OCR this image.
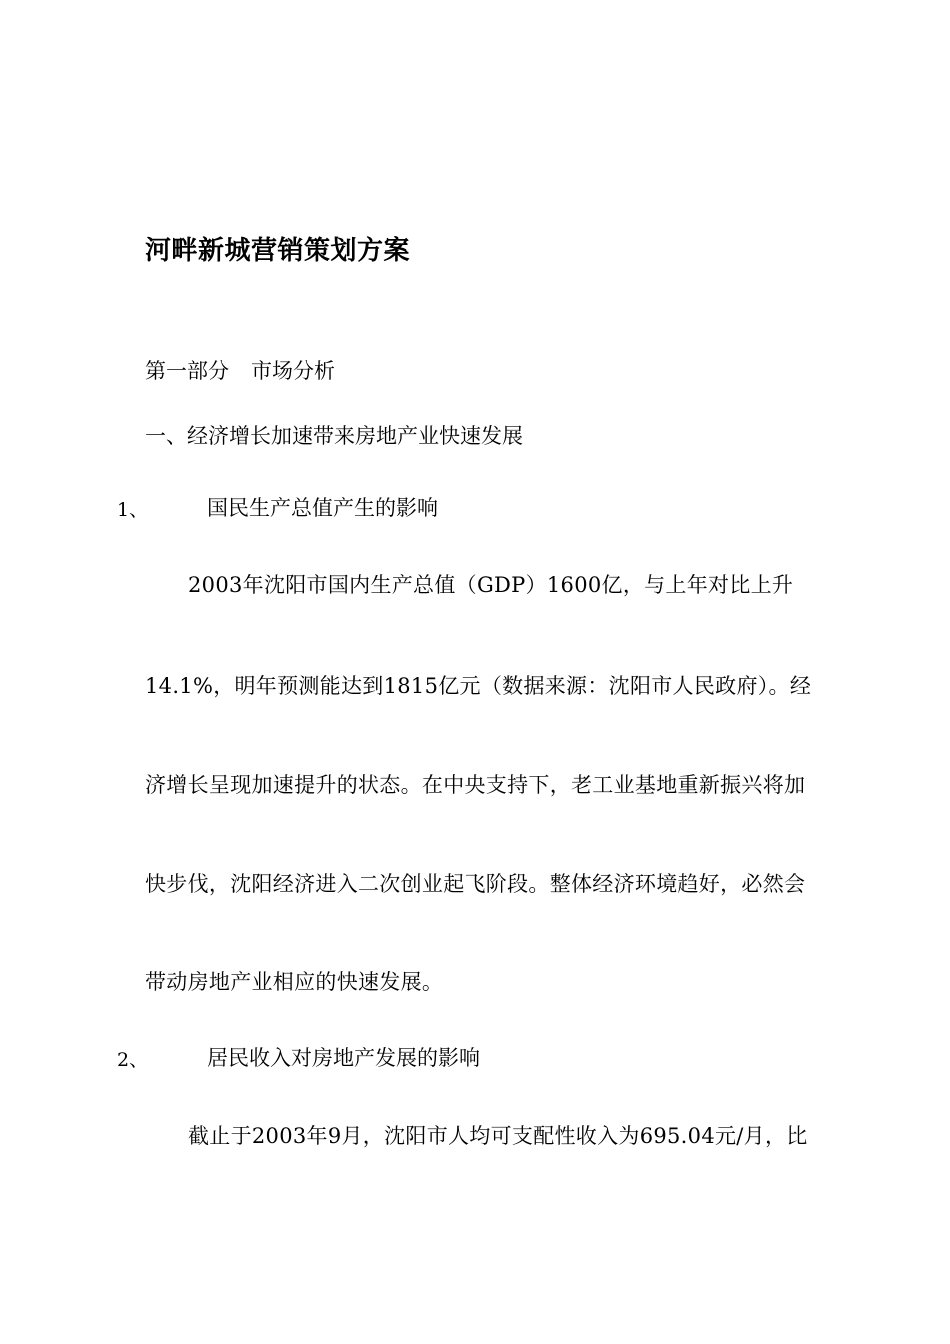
河畔新城营销策划方案
第一部分 市场分析
一、经济增长加速带来房地产业快速发展
1、	国民生产总值产生的影响
2003年沈阳市国内生产总值（GDP）1600亿，与上年对比上升
14.1%，明年预测能达到1815亿元（数据来源：沈阳市人民政府）。经
济增长呈现加速提升的状态。在中央支持下，老工业基地重新振兴将加
快步伐，沈阳经济进入二次创业起飞阶段。整体经济环境趋好，必然会
带动房地产业相应的快速发展。
2、	居民收入对房地产发展的影响
截止于2003年9月，沈阳市人均可支配性收入为695.04元/月，比
